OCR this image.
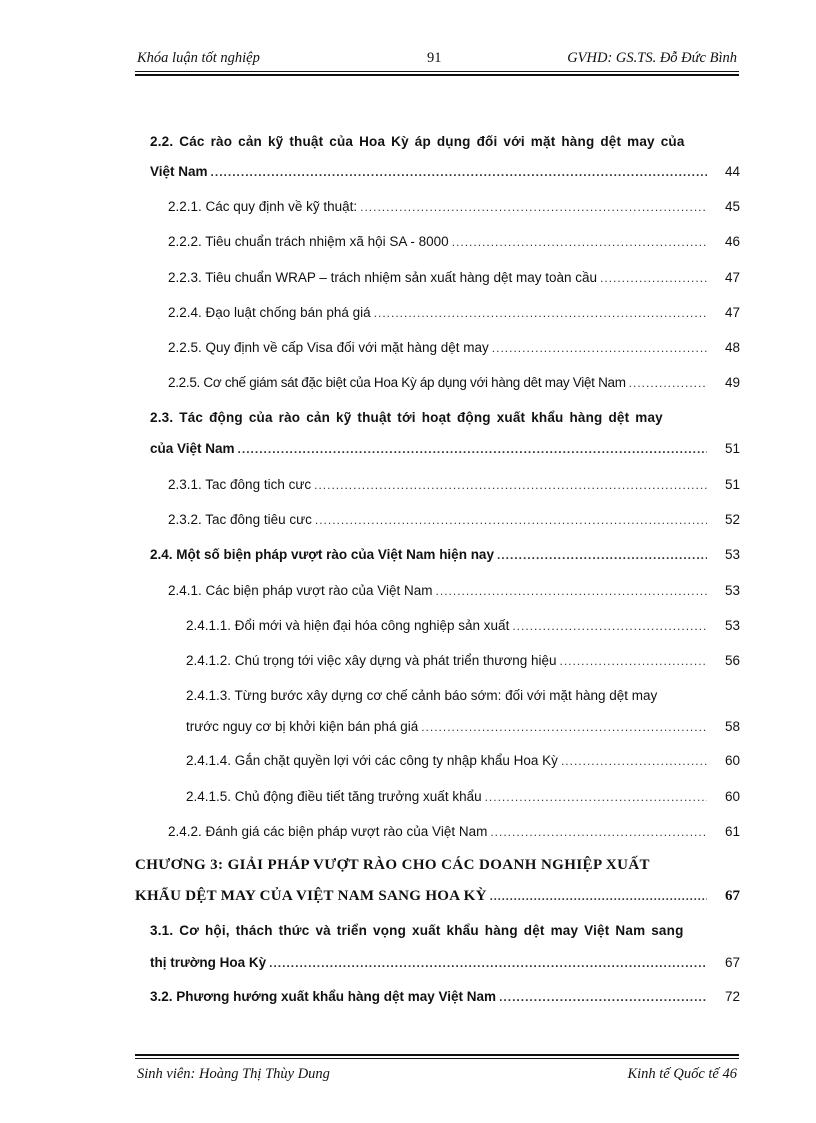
Khóa luận tốt nghiệp	91	GVHD: GS.TS. Đỗ Đức Bình
2.2. Các rào cản kỹ thuật của Hoa Kỳ áp dụng đối với mặt hàng dệt may của
Việt Nam .....	44
2.2.1. Các quy định về kỹ thuật: .....	45
2.2.2. Tiêu chuẩn trách nhiệm xã hội SA - 8000 .....	46
2.2.3. Tiêu chuẩn WRAP – trách nhiệm sản xuất hàng dệt may toàn cầu .....	47
2.2.4. Đạo luật chống bán phá giá .....	47
2.2.5. Quy định về cấp Visa đối với mặt hàng dệt may .....	48
2.2.5. Cơ chế giám sát đặc biệt của Hoa Kỳ áp dụng với hàng dêt may Việt Nam .....	49
2.3. Tác động của rào cản kỹ thuật tới hoạt động xuất khẩu hàng dệt may
của Việt Nam .....	51
2.3.1. Tac đông tich cưc .....	51
2.3.2. Tac đông tiêu cưc .....	52
2.4. Một số biện pháp vượt rào của Việt Nam hiện nay .....	53
2.4.1. Các biện pháp vượt rào của Việt Nam .....	53
2.4.1.1. Đổi mới và hiện đại hóa công nghiệp sản xuất .....	53
2.4.1.2. Chú trọng tới việc xây dựng và phát triển thương hiệu .....	56
2.4.1.3. Từng bước xây dựng cơ chế cảnh báo sớm: đối với mặt hàng dệt may
trước nguy cơ bị khởi kiện bán phá giá .....	58
2.4.1.4. Gắn chặt quyền lợi với các công ty nhập khẩu Hoa Kỳ .....	60
2.4.1.5. Chủ động điều tiết tăng trưởng xuất khẩu .....	60
2.4.2. Đánh giá các biện pháp vượt rào của Việt Nam .....	61
CHƯƠNG 3: GIẢI PHÁP VƯỢT RÀO CHO CÁC DOANH NGHIỆP XUẤT
KHẨU DỆT MAY CỦA VIỆT NAM SANG HOA KỲ .....	67
3.1. Cơ hội, thách thức và triển vọng xuất khẩu hàng dệt may Việt Nam sang
thị trường Hoa Kỳ .....	67
3.2. Phương hướng xuất khẩu hàng dệt may Việt Nam .....	72
Sinh viên: Hoàng Thị Thùy Dung	Kinh tế Quốc tế 46
